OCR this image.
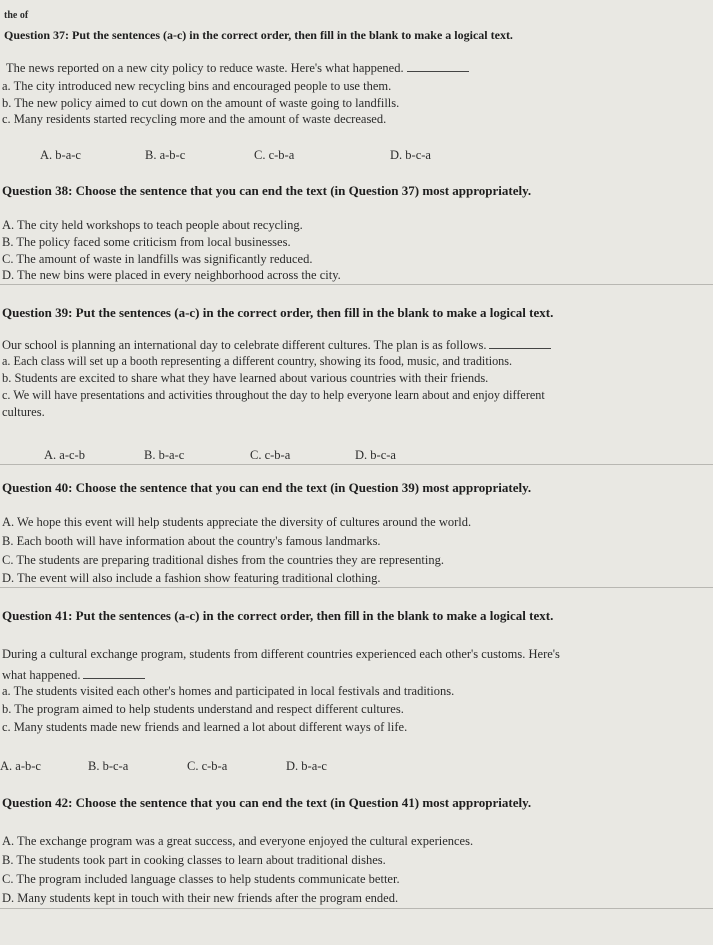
the of
Question 37: Put the sentences (a-c) in the correct order, then fill in the blank to make a logical text.
The news reported on a new city policy to reduce waste. Here's what happened.
a. The city introduced new recycling bins and encouraged people to use them.
b. The new policy aimed to cut down on the amount of waste going to landfills.
c. Many residents started recycling more and the amount of waste decreased.
A. b-a-c	B. a-b-c	C. c-b-a	D. b-c-a
Question 38: Choose the sentence that you can end the text (in Question 37) most appropriately.
A. The city held workshops to teach people about recycling.
B. The policy faced some criticism from local businesses.
C. The amount of waste in landfills was significantly reduced.
D. The new bins were placed in every neighborhood across the city.
Question 39: Put the sentences (a-c) in the correct order, then fill in the blank to make a logical text.
Our school is planning an international day to celebrate different cultures. The plan is as follows.
a. Each class will set up a booth representing a different country, showing its food, music, and traditions.
b. Students are excited to share what they have learned about various countries with their friends.
c. We will have presentations and activities throughout the day to help everyone learn about and enjoy different
cultures.
A. a-c-b	B. b-a-c	C. c-b-a	D. b-c-a
Question 40: Choose the sentence that you can end the text (in Question 39) most appropriately.
A. We hope this event will help students appreciate the diversity of cultures around the world.
B. Each booth will have information about the country's famous landmarks.
C. The students are preparing traditional dishes from the countries they are representing.
D. The event will also include a fashion show featuring traditional clothing.
Question 41: Put the sentences (a-c) in the correct order, then fill in the blank to make a logical text.
During a cultural exchange program, students from different countries experienced each other's customs. Here's
what happened.
a. The students visited each other's homes and participated in local festivals and traditions.
b. The program aimed to help students understand and respect different cultures.
c. Many students made new friends and learned a lot about different ways of life.
A. a-b-c	B. b-c-a	C. c-b-a	D. b-a-c
Question 42: Choose the sentence that you can end the text (in Question 41) most appropriately.
A. The exchange program was a great success, and everyone enjoyed the cultural experiences.
B. The students took part in cooking classes to learn about traditional dishes.
C. The program included language classes to help students communicate better.
D. Many students kept in touch with their new friends after the program ended.
